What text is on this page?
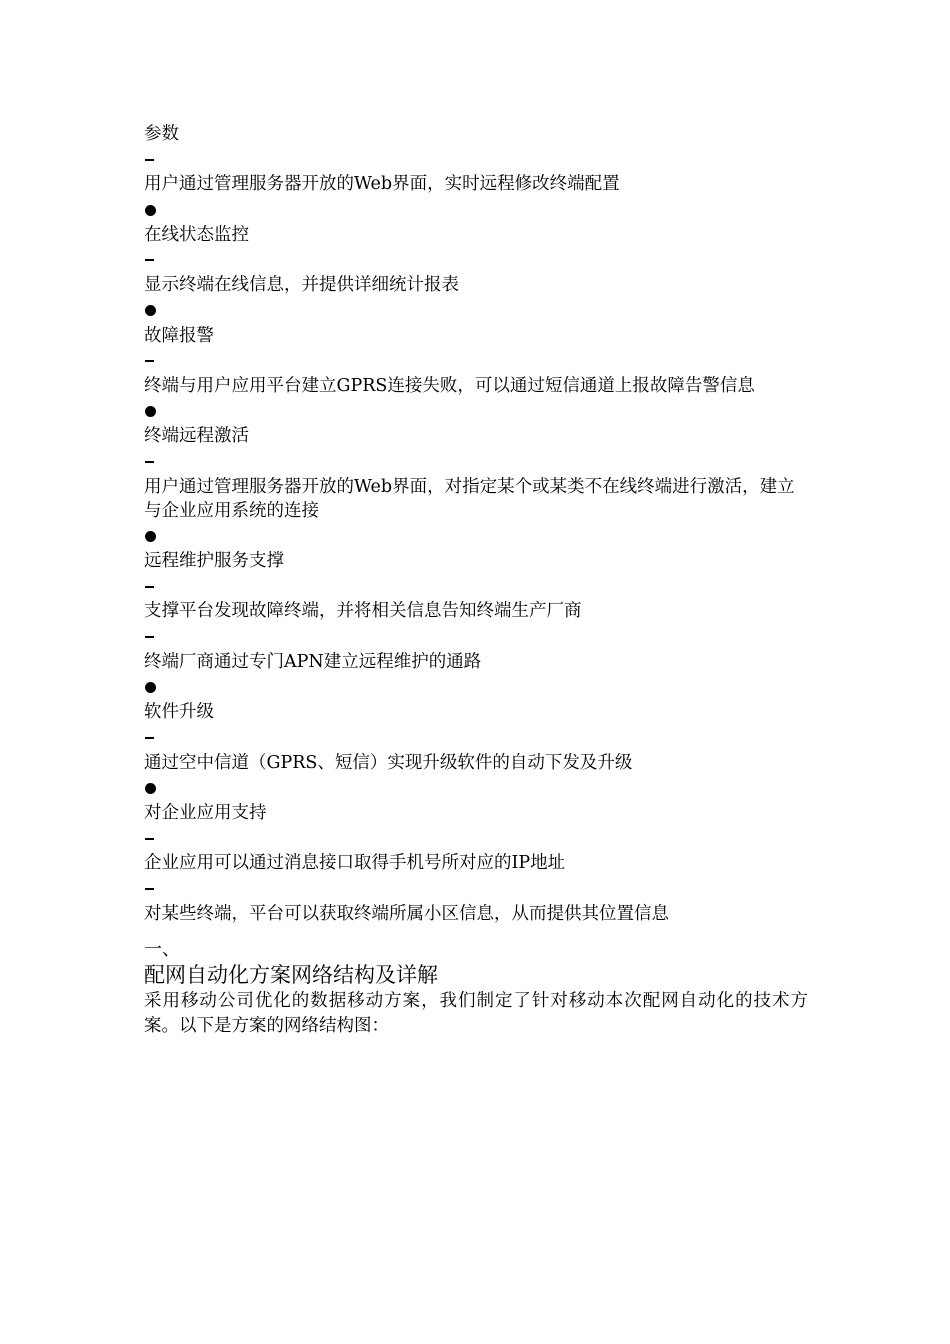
参数
用户通过管理服务器开放的Web界面，实时远程修改终端配置
在线状态监控
显示终端在线信息，并提供详细统计报表
故障报警
终端与用户应用平台建立GPRS连接失败，可以通过短信通道上报故障告警信息
终端远程激活
用户通过管理服务器开放的Web界面，对指定某个或某类不在线终端进行激活，建立与企业应用系统的连接
远程维护服务支撑
支撑平台发现故障终端，并将相关信息告知终端生产厂商
终端厂商通过专门APN建立远程维护的通路
软件升级
通过空中信道（GPRS、短信）实现升级软件的自动下发及升级
对企业应用支持
企业应用可以通过消息接口取得手机号所对应的IP地址
对某些终端，平台可以获取终端所属小区信息，从而提供其位置信息
一、
配网自动化方案网络结构及详解
采用移动公司优化的数据移动方案，我们制定了针对移动本次配网自动化的技术方案。以下是方案的网络结构图：
